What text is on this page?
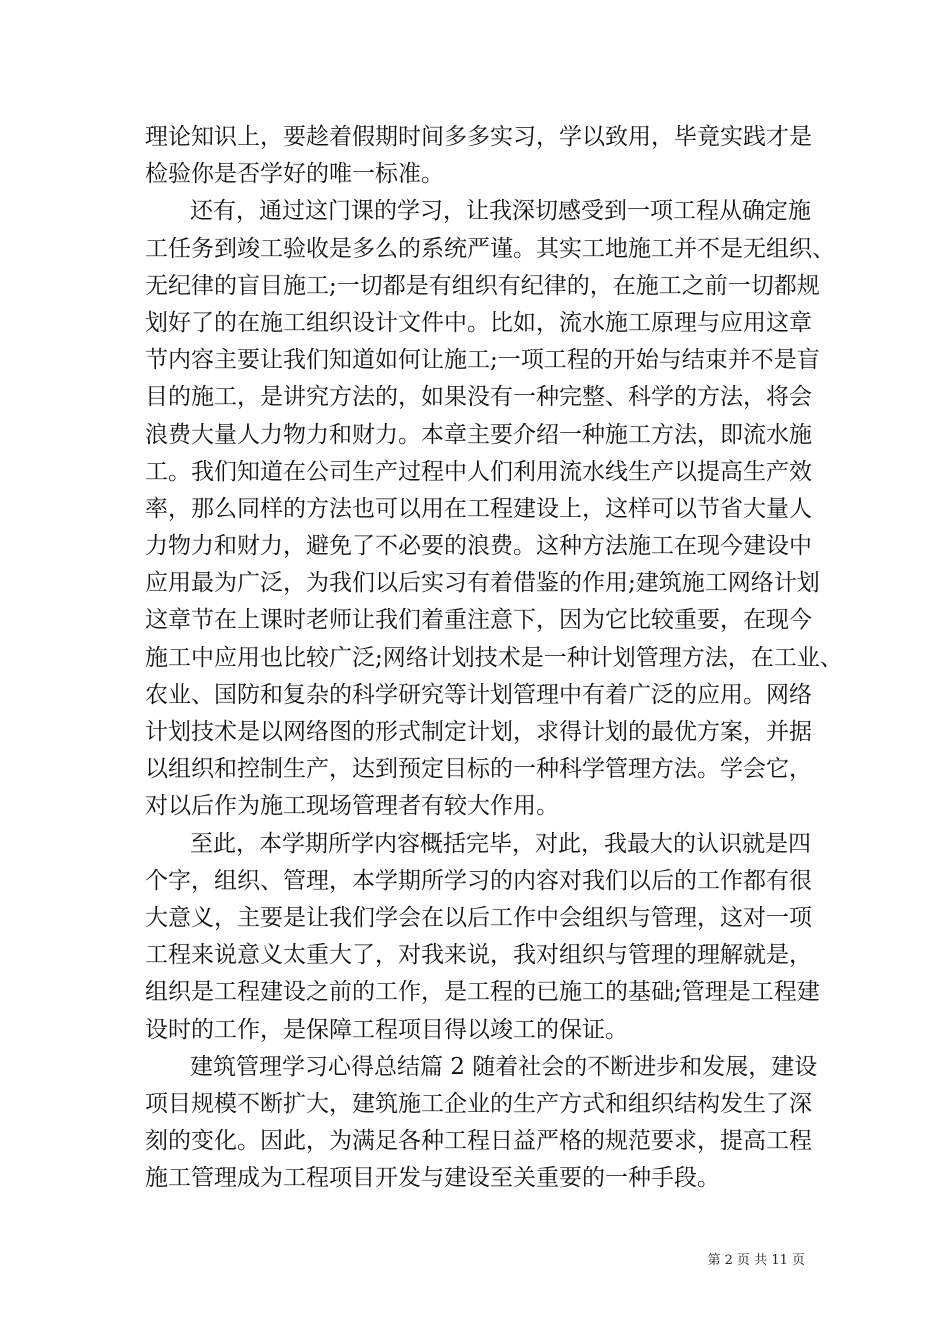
理论知识上，要趁着假期时间多多实习，学以致用，毕竟实践才是
检验你是否学好的唯一标准。
还有，通过这门课的学习，让我深切感受到一项工程从确定施
工任务到竣工验收是多么的系统严谨。其实工地施工并不是无组织、
无纪律的盲目施工;一切都是有组织有纪律的，在施工之前一切都规
划好了的在施工组织设计文件中。比如，流水施工原理与应用这章
节内容主要让我们知道如何让施工;一项工程的开始与结束并不是盲
目的施工，是讲究方法的，如果没有一种完整、科学的方法，将会
浪费大量人力物力和财力。本章主要介绍一种施工方法，即流水施
工。我们知道在公司生产过程中人们利用流水线生产以提高生产效
率，那么同样的方法也可以用在工程建设上，这样可以节省大量人
力物力和财力，避免了不必要的浪费。这种方法施工在现今建设中
应用最为广泛，为我们以后实习有着借鉴的作用;建筑施工网络计划
这章节在上课时老师让我们着重注意下，因为它比较重要，在现今
施工中应用也比较广泛;网络计划技术是一种计划管理方法，在工业、
农业、国防和复杂的科学研究等计划管理中有着广泛的应用。网络
计划技术是以网络图的形式制定计划，求得计划的最优方案，并据
以组织和控制生产，达到预定目标的一种科学管理方法。学会它，
对以后作为施工现场管理者有较大作用。
至此，本学期所学内容概括完毕，对此，我最大的认识就是四
个字，组织、管理，本学期所学习的内容对我们以后的工作都有很
大意义，主要是让我们学会在以后工作中会组织与管理，这对一项
工程来说意义太重大了，对我来说，我对组织与管理的理解就是，
组织是工程建设之前的工作，是工程的已施工的基础;管理是工程建
设时的工作，是保障工程项目得以竣工的保证。
建筑管理学习心得总结篇 2 随着社会的不断进步和发展，建设
项目规模不断扩大，建筑施工企业的生产方式和组织结构发生了深
刻的变化。因此，为满足各种工程日益严格的规范要求，提高工程
施工管理成为工程项目开发与建设至关重要的一种手段。
第 2 页 共 11 页
